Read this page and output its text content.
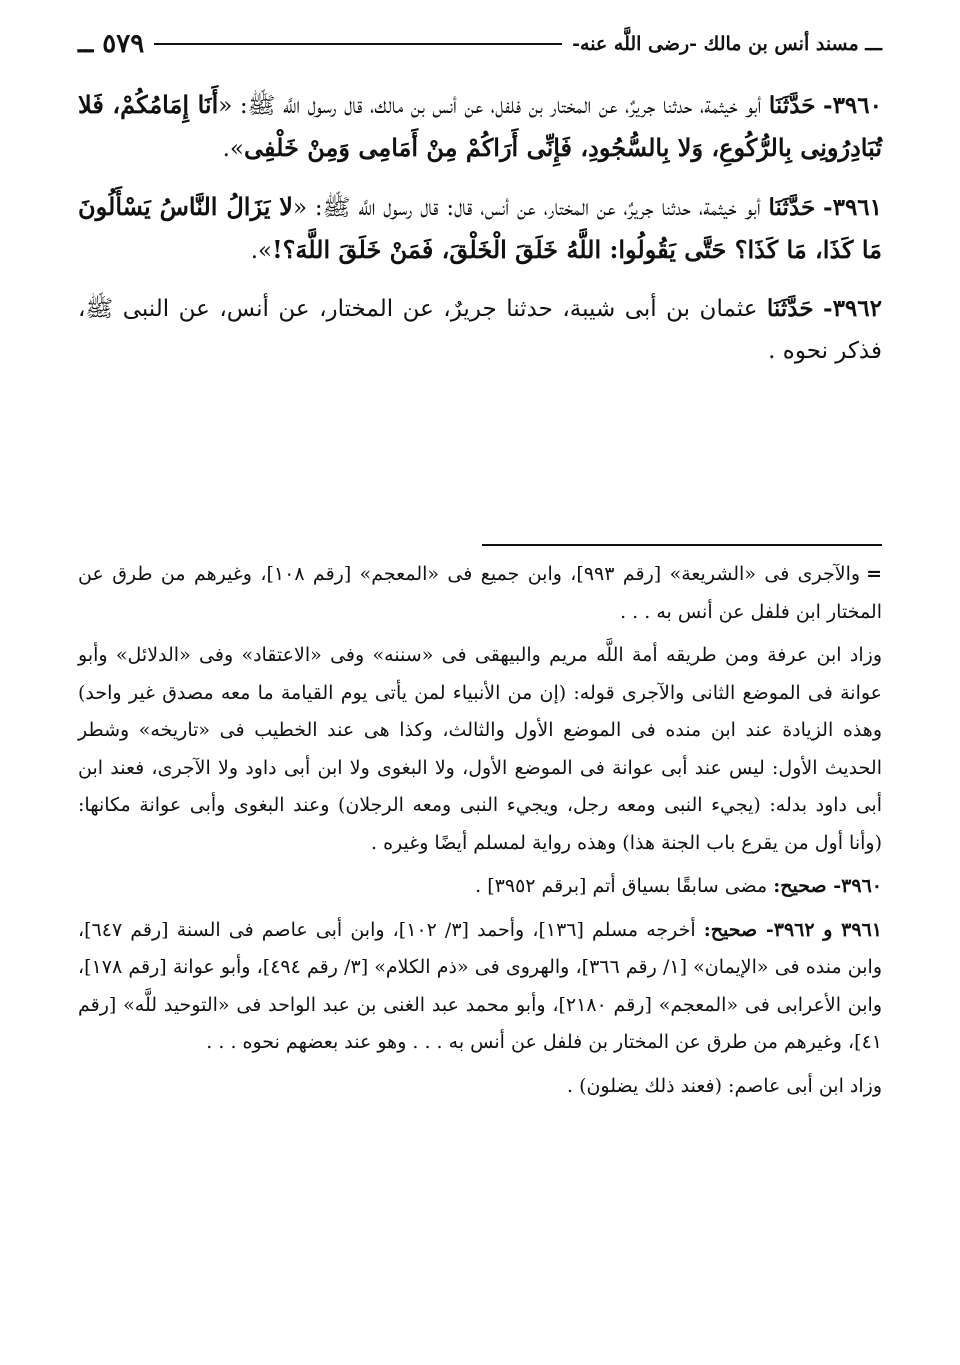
ـــ مسند أنس بن مالك -رضى اللَّه عنه-
٥٧٩ ــ

٣٩٦٠- حَدَّثَنَا أبو خيثمة، حدثنا جريرٌ، عن المختار بن فلفل، عن أنس بن مالك، قال رسول اللَّه ﷺ: «أَنَا إِمَامُكُمْ، فَلا تُبَادِرُونِى بِالرُّكُوعِ، وَلا بِالسُّجُودِ، فَإِنِّى أَرَاكُمْ مِنْ أَمَامِى وَمِنْ خَلْفِى».

٣٩٦١- حَدَّثَنَا أبو خيثمة، حدثنا جريرٌ، عن المختار، عن أنس، قال: قال رسول اللَّه ﷺ: «لا يَزَالُ النَّاسُ يَسْأَلُونَ مَا كَذَا، مَا كَذَا؟ حَتَّى يَقُولُوا: اللَّهُ خَلَقَ الْخَلْقَ، فَمَنْ خَلَقَ اللَّهَ؟!».

٣٩٦٢- حَدَّثَنَا عثمان بن أبى شيبة، حدثنا جريرٌ، عن المختار، عن أنس، عن النبى ﷺ، فذكر نحوه .

=والآجرى فى «الشريعة» [رقم ٩٩٣]، وابن جميع فى «المعجم» [رقم ١٠٨]، وغيرهم من طرق عن المختار ابن فلفل عن أنس به . . .

وزاد ابن عرفة ومن طريقه أمة اللَّه مريم والبيهقى فى «سننه» وفى «الاعتقاد» وفى «الدلائل» وأبو عوانة فى الموضع الثانى والآجرى قوله: (إن من الأنبياء لمن يأتى يوم القيامة ما معه مصدق غير واحد) وهذه الزيادة عند ابن منده فى الموضع الأول والثالث، وكذا هى عند الخطيب فى «تاريخه» وشطر الحديث الأول: ليس عند أبى عوانة فى الموضع الأول، ولا البغوى ولا ابن أبى داود ولا الآجرى، فعند ابن أبى داود بدله: (يجيء النبى ومعه رجل، ويجيء النبى ومعه الرجلان) وعند البغوى وأبى عوانة مكانها: (وأنا أول من يقرع باب الجنة هذا) وهذه رواية لمسلم أيضًا وغيره .

٣٩٦٠- صحيح: مضى سابقًا بسياق أتم [برقم ٣٩٥٢] .

٣٩٦١ و ٣٩٦٢- صحيح: أخرجه مسلم [١٣٦]، وأحمد [٣/ ١٠٢]، وابن أبى عاصم فى السنة [رقم ٦٤٧]، وابن منده فى «الإيمان» [١/ رقم ٣٦٦]، والهروى فى «ذم الكلام» [٣/ رقم ٤٩٤]، وأبو عوانة [رقم ١٧٨]، وابن الأعرابى فى «المعجم» [رقم ٢١٨٠]، وأبو محمد عبد الغنى بن عبد الواحد فى «التوحيد للَّه» [رقم ٤١]، وغيرهم من طرق عن المختار بن فلفل عن أنس به . . . وهو عند بعضهم نحوه . . .

وزاد ابن أبى عاصم: (فعند ذلك يضلون) .
